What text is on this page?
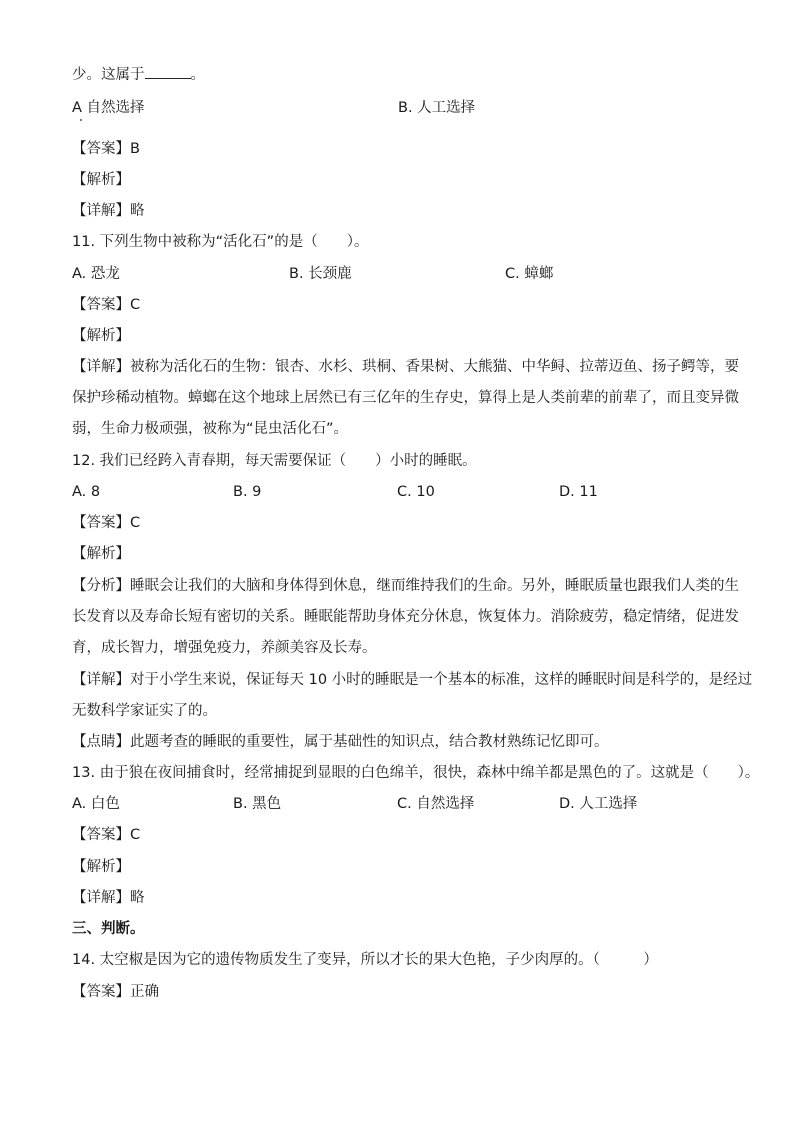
少。这属于	。
A 自然选择	B. 人工选择
【答案】B
【解析】
【详解】略
11. 下列生物中被称为“活化石”的是（　　）。
A. 恐龙	B. 长颈鹿	C. 蟑螂
【答案】C
【解析】
【详解】被称为活化石的生物：银杏、水杉、珙桐、香果树、大熊猫、中华鲟、拉蒂迈鱼、扬子鳄等，要
保护珍稀动植物。蟑螂在这个地球上居然已有三亿年的生存史，算得上是人类前辈的前辈了，而且变异微
弱，生命力极顽强，被称为“昆虫活化石”。
12. 我们已经跨入青春期，每天需要保证（　　）小时的睡眠。
A. 8	B. 9	C. 10	D. 11
【答案】C
【解析】
【分析】睡眠会让我们的大脑和身体得到休息，继而维持我们的生命。另外，睡眠质量也跟我们人类的生
长发育以及寿命长短有密切的关系。睡眠能帮助身体充分休息，恢复体力。消除疲劳，稳定情绪，促进发
育，成长智力，增强免疫力，养颜美容及长寿。
【详解】对于小学生来说，保证每天 10 小时的睡眠是一个基本的标准，这样的睡眠时间是科学的，是经过
无数科学家证实了的。
【点睛】此题考查的睡眠的重要性，属于基础性的知识点，结合教材熟练记忆即可。
13. 由于狼在夜间捕食时，经常捕捉到显眼的白色绵羊，很快，森林中绵羊都是黑色的了。这就是（　　）。
A. 白色	B. 黑色	C. 自然选择	D. 人工选择
【答案】C
【解析】
【详解】略
三、判断。
14. 太空椒是因为它的遗传物质发生了变异，所以才长的果大色艳，子少肉厚的。（　　　）
【答案】正确
